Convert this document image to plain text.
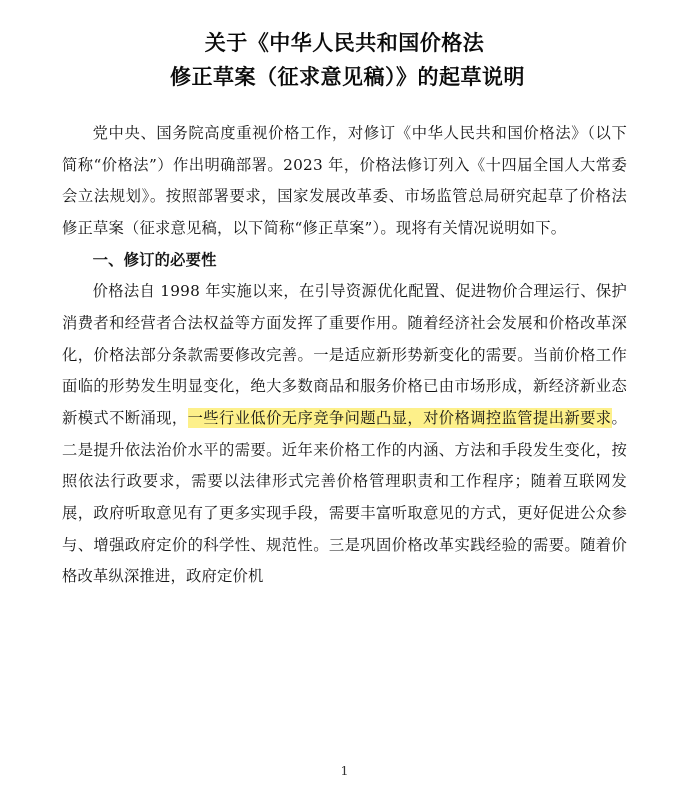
关于《中华人民共和国价格法
修正草案（征求意见稿）》的起草说明

党中央、国务院高度重视价格工作，对修订《中华人民共和国价格法》（以下简称“价格法”）作出明确部署。2023 年，价格法修订列入《十四届全国人大常委会立法规划》。按照部署要求，国家发展改革委、市场监管总局研究起草了价格法修正草案（征求意见稿，以下简称“修正草案”）。现将有关情况说明如下。

一、修订的必要性

价格法自 1998 年实施以来，在引导资源优化配置、促进物价合理运行、保护消费者和经营者合法权益等方面发挥了重要作用。随着经济社会发展和价格改革深化，价格法部分条款需要修改完善。一是适应新形势新变化的需要。当前价格工作面临的形势发生明显变化，绝大多数商品和服务价格已由市场形成，新经济新业态新模式不断涌现，一些行业低价无序竞争问题凸显，对价格调控监管提出新要求。二是提升依法治价水平的需要。近年来价格工作的内涵、方法和手段发生变化，按照依法行政要求，需要以法律形式完善价格管理职责和工作程序；随着互联网发展，政府听取意见有了更多实现手段，需要丰富听取意见的方式，更好促进公众参与、增强政府定价的科学性、规范性。三是巩固价格改革实践经验的需要。随着价格改革纵深推进，政府定价机

1
